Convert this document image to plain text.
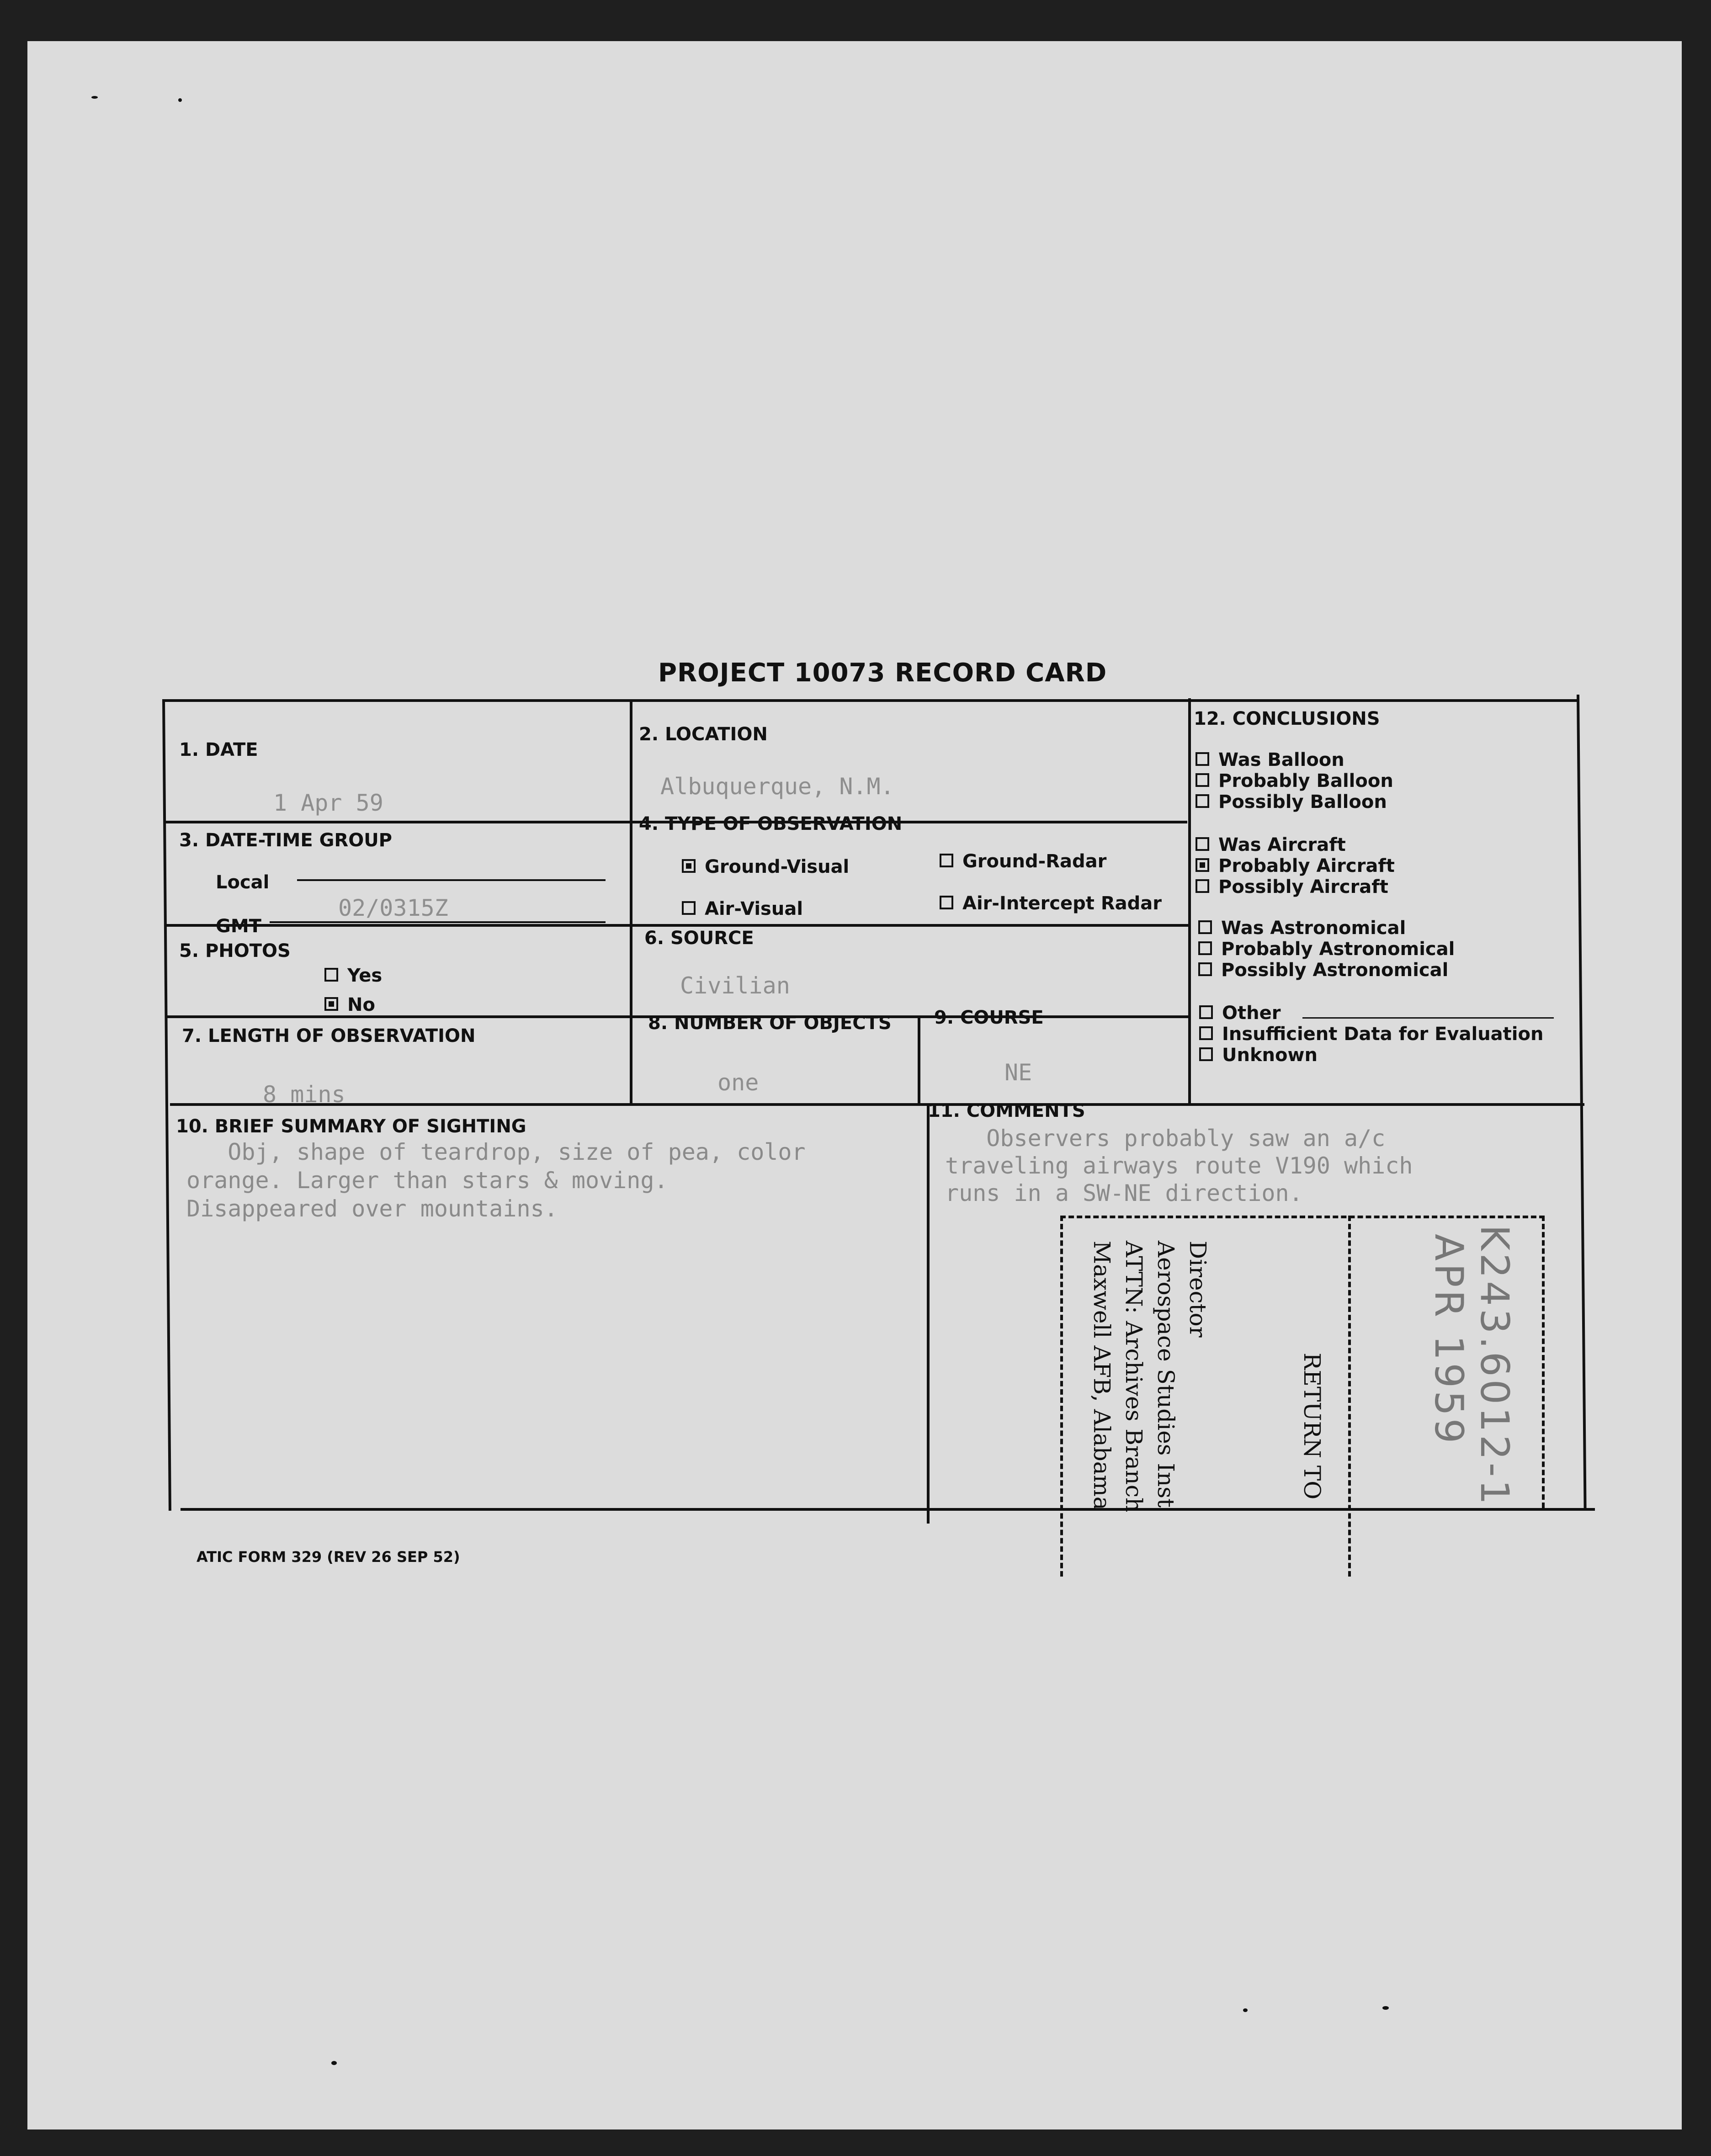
PROJECT 10073 RECORD CARD
1. DATE
1 Apr 59
2. LOCATION
Albuquerque, N.M.
3. DATE-TIME GROUP
Local
GMT
02/0315Z
4. TYPE OF OBSERVATION
Ground-Visual	Ground-Radar
Air-Visual	Air-Intercept Radar
5. PHOTOS
Yes
No
6. SOURCE
Civilian
7. LENGTH OF OBSERVATION
8 mins
8. NUMBER OF OBJECTS
one
9. COURSE
NE
10. BRIEF SUMMARY OF SIGHTING
Obj, shape of teardrop, size of pea, color
orange. Larger than stars & moving.
Disappeared over mountains.
11. COMMENTS
Observers probably saw an a/c
traveling airways route V190 which
runs in a SW-NE direction.
12. CONCLUSIONS
Was Balloon
Probably Balloon
Possibly Balloon
Was Aircraft
Probably Aircraft
Possibly Aircraft
Was Astronomical
Probably Astronomical
Possibly Astronomical
Other
Insufficient Data for Evaluation
Unknown
RETURN TO
Director
Aerospace Studies Inst
ATTN: Archives Branch
Maxwell AFB, Alabama	K243.6012-1
APR 1959
ATIC FORM 329 (REV 26 SEP 52)
